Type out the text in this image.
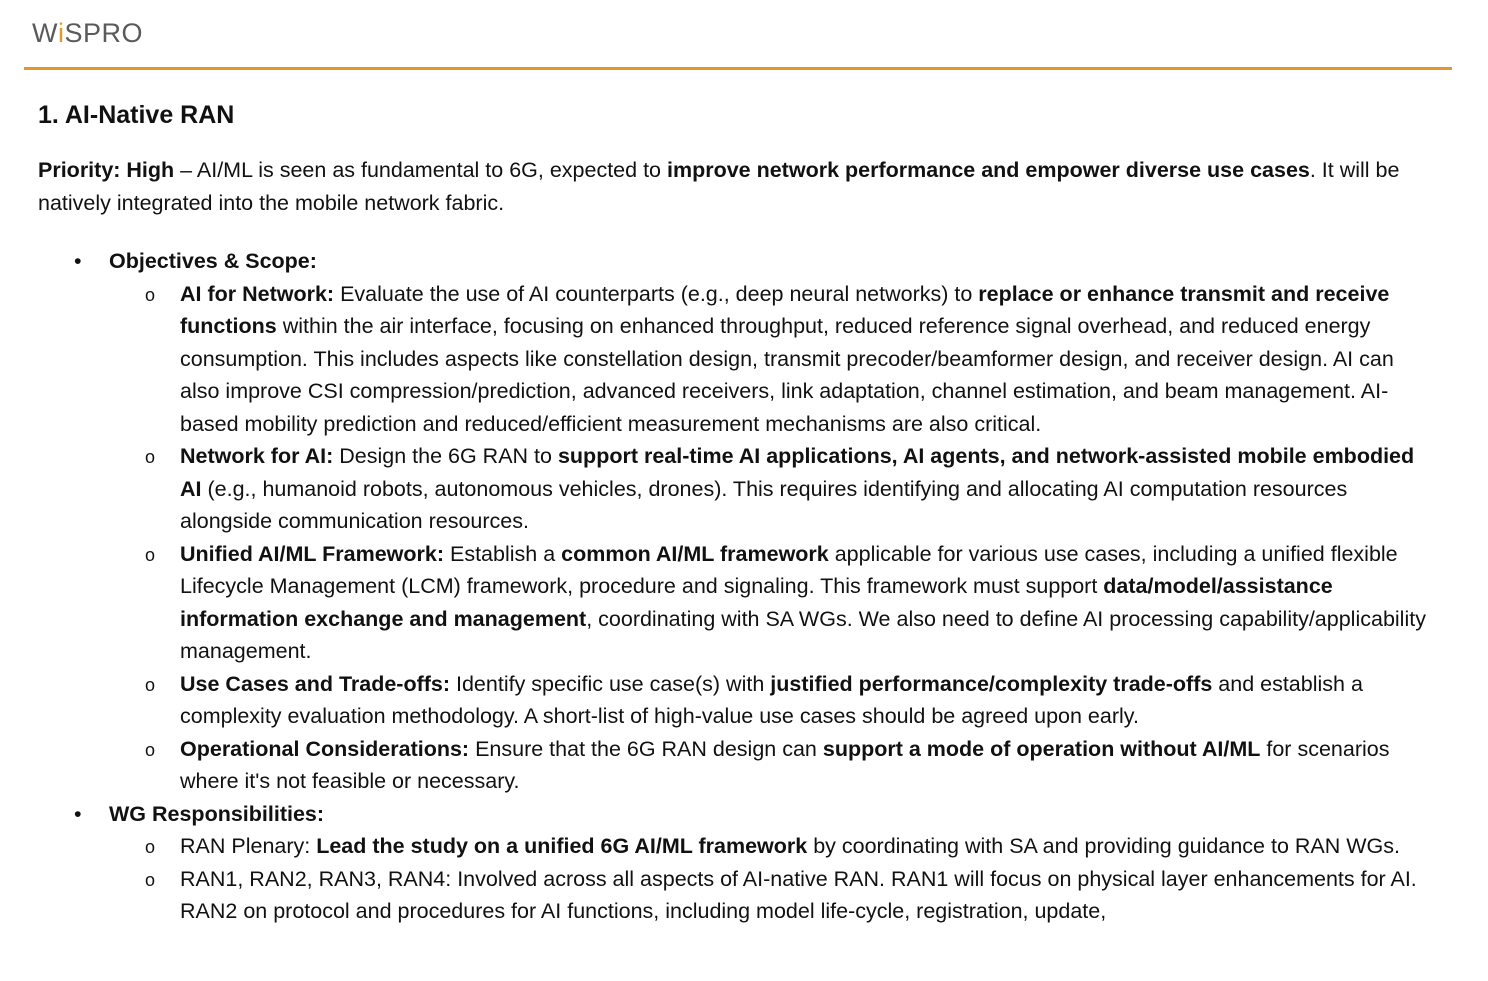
WiSPRO
1. AI-Native RAN

Priority: High – AI/ML is seen as fundamental to 6G, expected to improve network performance and empower diverse use cases. It will be natively integrated into the mobile network fabric.

• Objectives & Scope:
o AI for Network: Evaluate the use of AI counterparts (e.g., deep neural networks) to replace or enhance transmit and receive functions within the air interface, focusing on enhanced throughput, reduced reference signal overhead, and reduced energy consumption. This includes aspects like constellation design, transmit precoder/beamformer design, and receiver design. AI can also improve CSI compression/prediction, advanced receivers, link adaptation, channel estimation, and beam management. AI-based mobility prediction and reduced/efficient measurement mechanisms are also critical.
o Network for AI: Design the 6G RAN to support real-time AI applications, AI agents, and network-assisted mobile embodied AI (e.g., humanoid robots, autonomous vehicles, drones). This requires identifying and allocating AI computation resources alongside communication resources.
o Unified AI/ML Framework: Establish a common AI/ML framework applicable for various use cases, including a unified flexible Lifecycle Management (LCM) framework, procedure and signaling. This framework must support data/model/assistance information exchange and management, coordinating with SA WGs. We also need to define AI processing capability/applicability management.
o Use Cases and Trade-offs: Identify specific use case(s) with justified performance/complexity trade-offs and establish a complexity evaluation methodology. A short-list of high-value use cases should be agreed upon early.
o Operational Considerations: Ensure that the 6G RAN design can support a mode of operation without AI/ML for scenarios where it's not feasible or necessary.
• WG Responsibilities:
o RAN Plenary: Lead the study on a unified 6G AI/ML framework by coordinating with SA and providing guidance to RAN WGs.
o RAN1, RAN2, RAN3, RAN4: Involved across all aspects of AI-native RAN. RAN1 will focus on physical layer enhancements for AI. RAN2 on protocol and procedures for AI functions, including model life-cycle, registration, update,
